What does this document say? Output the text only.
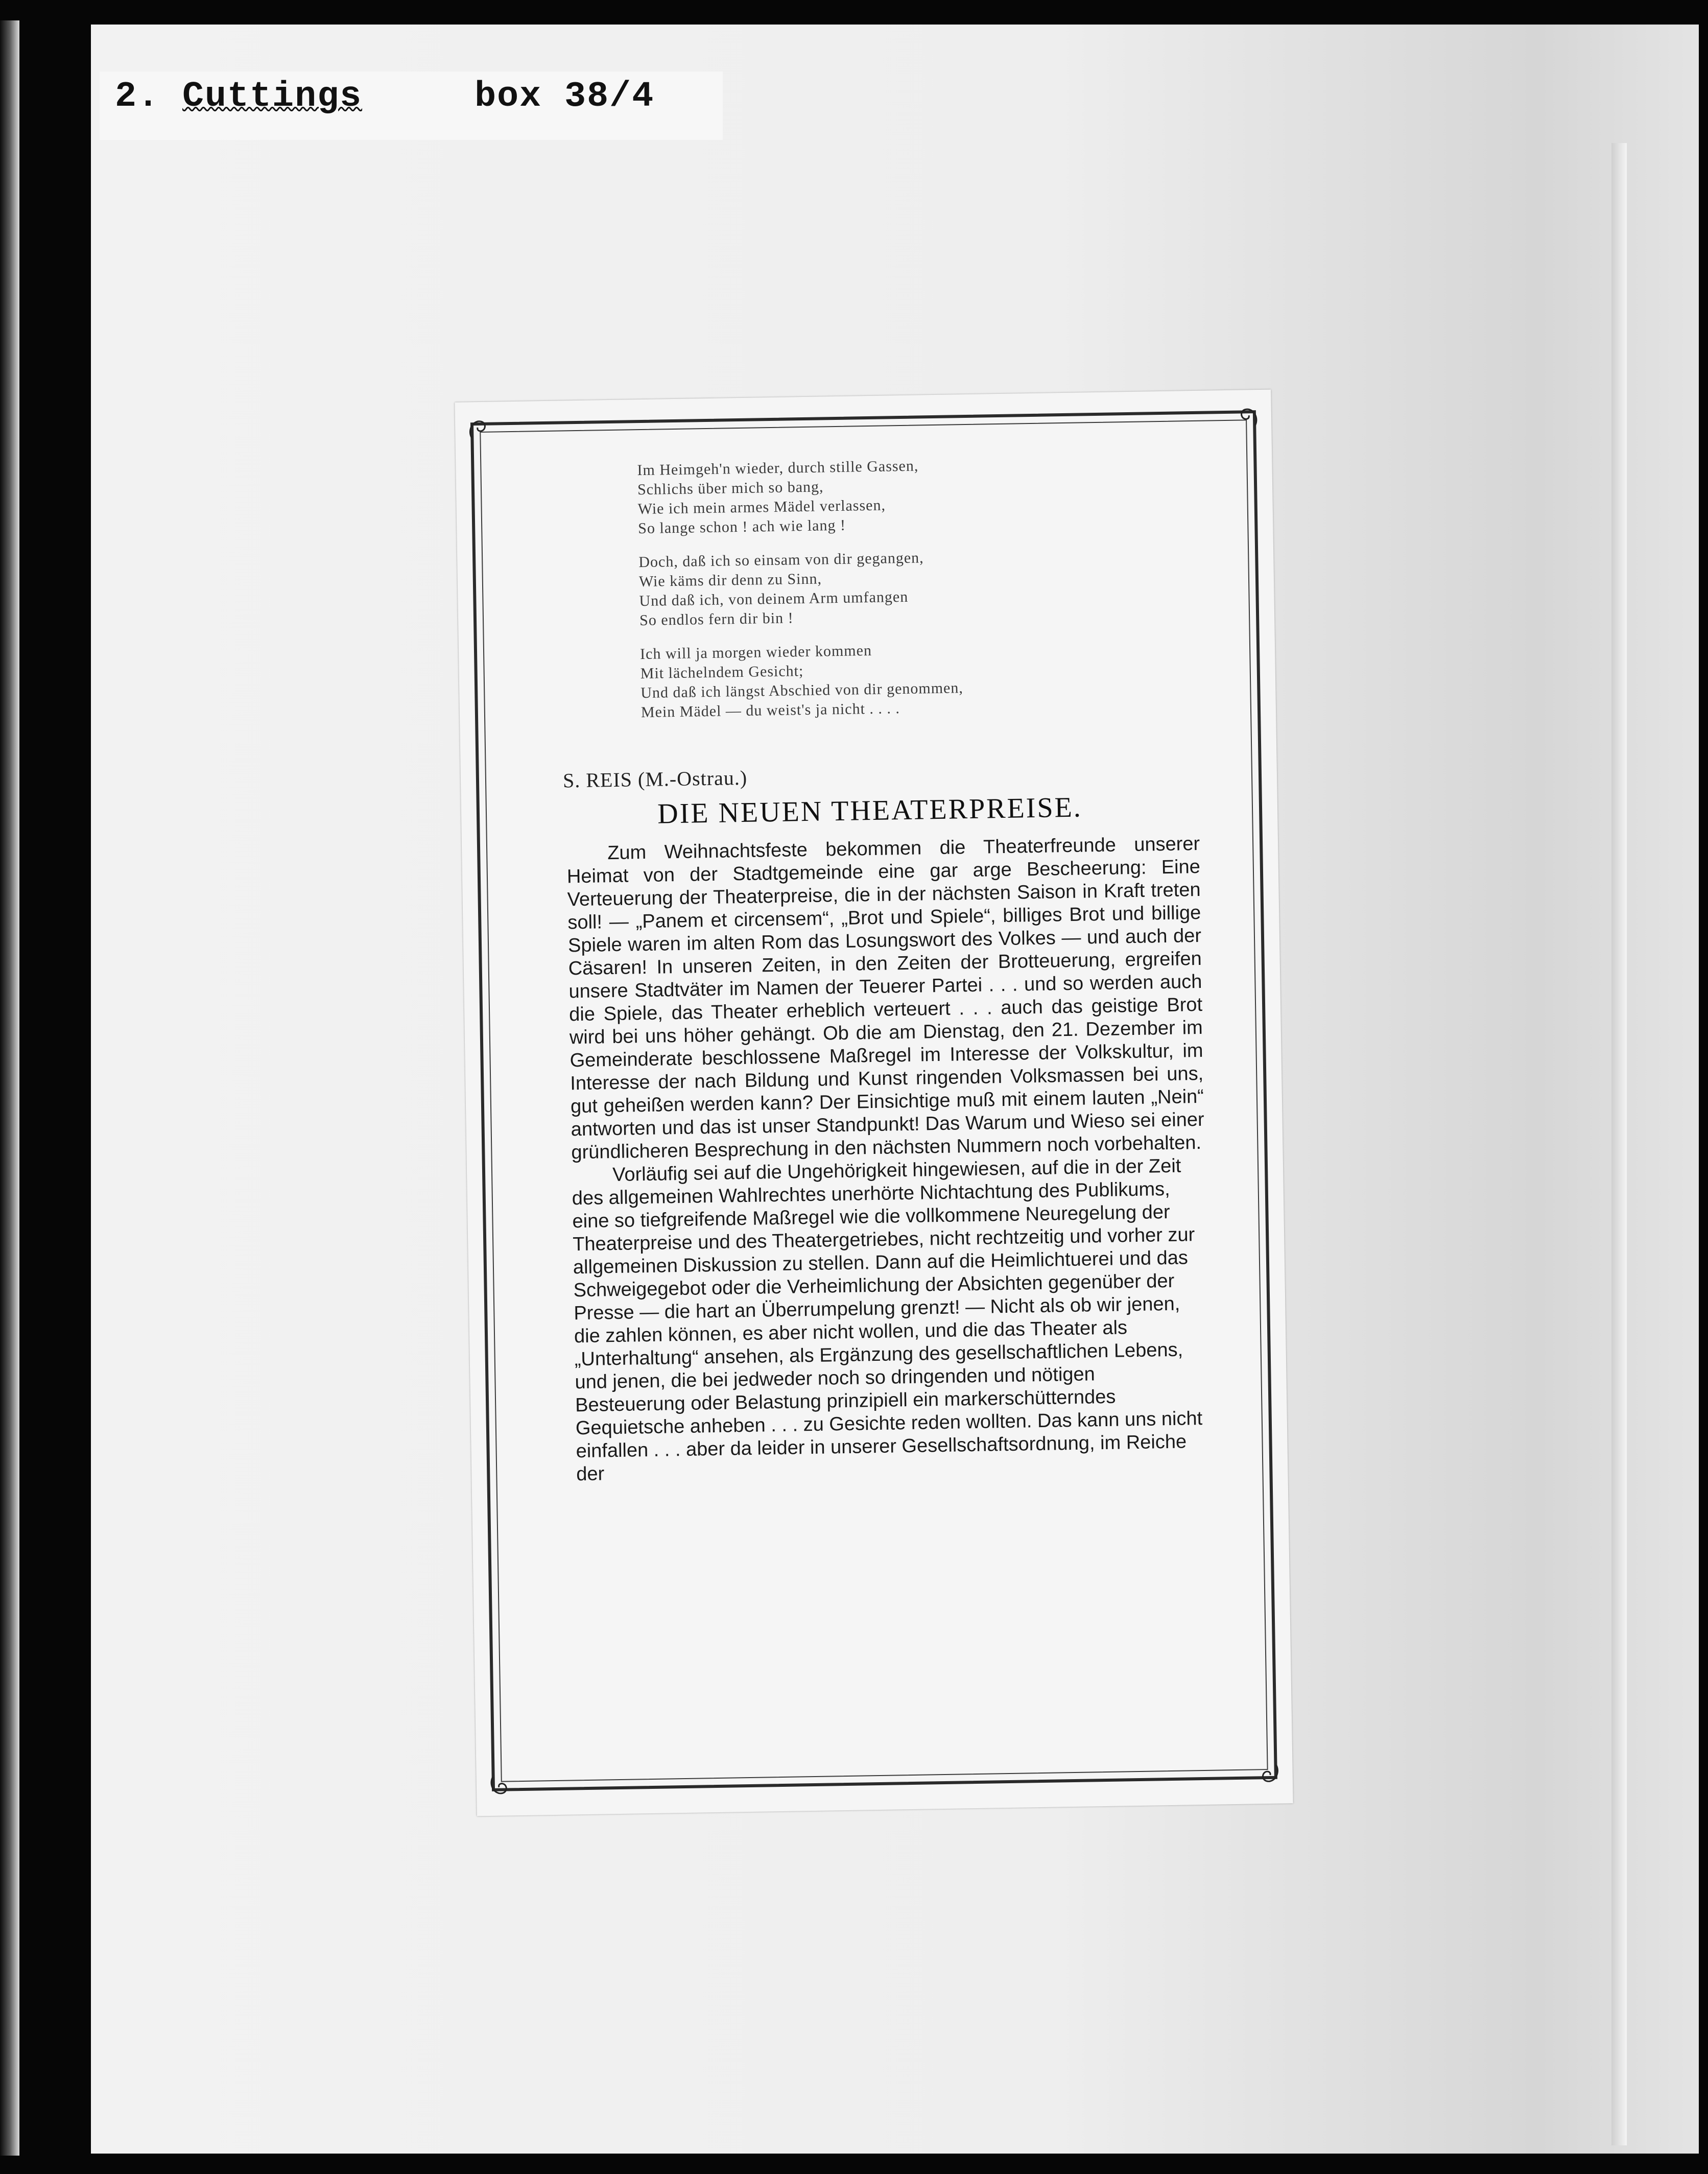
2. Cuttings	box 38/4
Im Heimgeh'n wieder, durch stille Gassen,
Schlichs über mich so bang,
Wie ich mein armes Mädel verlassen,
So lange schon ! ach wie lang !
Doch, daß ich so einsam von dir gegangen,
Wie käms dir denn zu Sinn,
Und daß ich, von deinem Arm umfangen
So endlos fern dir bin !
Ich will ja morgen wieder kommen
Mit lächelndem Gesicht;
Und daß ich längst Abschied von dir genommen,
Mein Mädel — du weist's ja nicht . . . .
S. REIS (M.-Ostrau.)
DIE NEUEN THEATERPREISE.

Zum Weihnachtsfeste bekommen die Theaterfreunde unserer Heimat von der Stadtgemeinde eine gar arge Bescheerung: Eine Verteuerung der Theaterpreise, die in der nächsten Saison in Kraft treten soll! — „Panem et circensem“, „Brot und Spiele“, billiges Brot und billige Spiele waren im alten Rom das Losungswort des Volkes — und auch der Cäsaren! In unseren Zeiten, in den Zeiten der Brotteuerung, ergreifen unsere Stadtväter im Namen der Teuerer Partei . . . und so werden auch die Spiele, das Theater erheblich verteuert . . . auch das geistige Brot wird bei uns höher gehängt. Ob die am Dienstag, den 21. Dezember im Gemeinderate beschlossene Maßregel im Interesse der Volkskultur, im Interesse der nach Bildung und Kunst ringenden Volksmassen bei uns, gut geheißen werden kann? Der Einsichtige muß mit einem lauten „Nein“ antworten und das ist unser Standpunkt! Das Warum und Wieso sei einer gründlicheren Besprechung in den nächsten Nummern noch vorbehalten.

Vorläufig sei auf die Ungehörigkeit hingewiesen, auf die in der Zeit des allgemeinen Wahlrechtes unerhörte Nichtachtung des Publikums, eine so tiefgreifende Maßregel wie die vollkommene Neuregelung der Theaterpreise und des Theatergetriebes, nicht rechtzeitig und vorher zur allgemeinen Diskussion zu stellen. Dann auf die Heimlichtuerei und das Schweigegebot oder die Verheimlichung der Absichten gegenüber der Presse — die hart an Überrumpelung grenzt! — Nicht als ob wir jenen, die zahlen können, es aber nicht wollen, und die das Theater als „Unterhaltung“ ansehen, als Ergänzung des gesellschaftlichen Lebens, und jenen, die bei jedweder noch so dringenden und nötigen Besteuerung oder Belastung prinzipiell ein markerschütterndes Gequietsche anheben . . . zu Gesichte reden wollten. Das kann uns nicht einfallen . . . aber da leider in unserer Gesellschaftsordnung, im Reiche der
